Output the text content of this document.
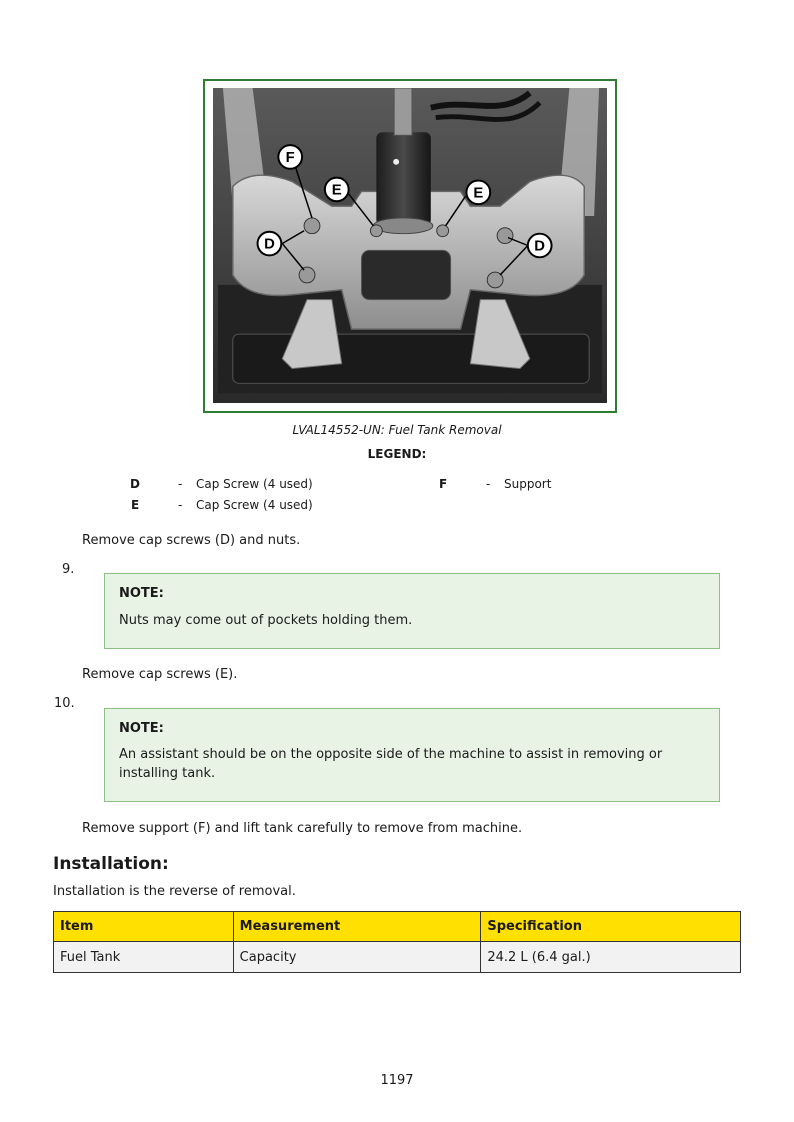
F
E	E
D	D
LVAL14552-UN: Fuel Tank Removal
LEGEND:
D	- Cap Screw (4 used)
E	- Cap Screw (4 used)
F	- Support
Remove cap screws (D) and nuts.
9.
NOTE:
Nuts may come out of pockets holding them.
Remove cap screws (E).
10.
NOTE:
An assistant should be on the opposite side of the machine to assist in removing or
installing tank.
Remove support (F) and lift tank carefully to remove from machine.
Installation:
Installation is the reverse of removal.
Item	Measurement	Specification
Fuel Tank	Capacity	24.2 L (6.4 gal.)
1197
